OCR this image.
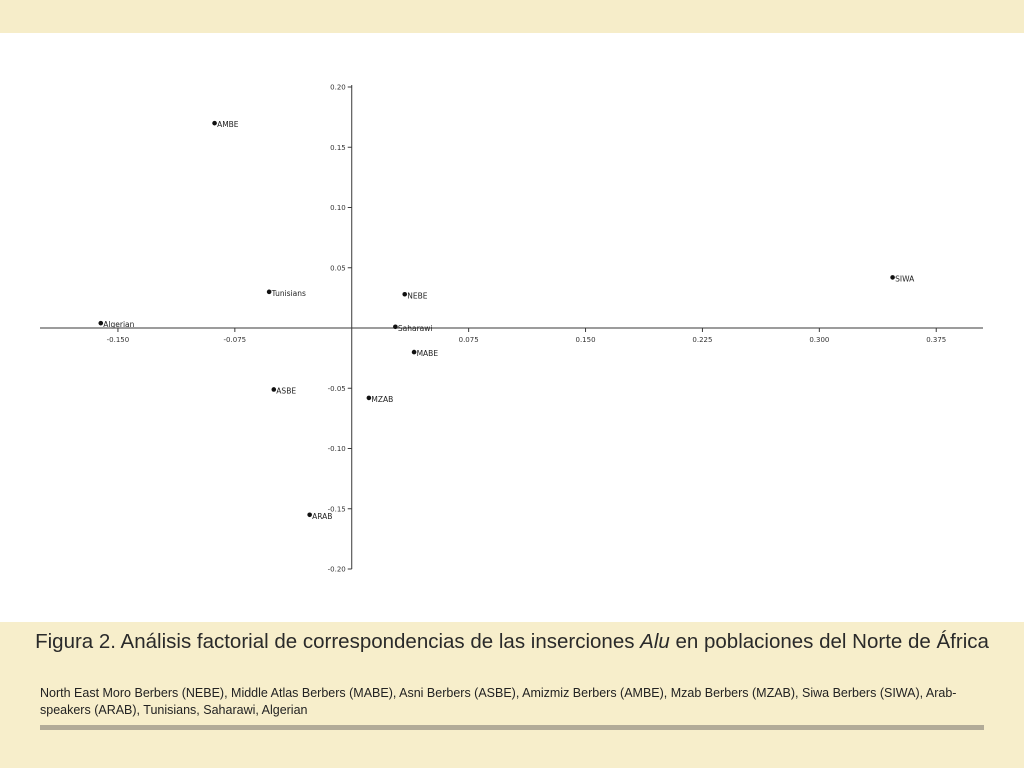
-0.150	-0.075	0.075	0.150	0.225	0.300	0.375
0.20
0.15
0.10
0.05
-0.05
-0.10
-0.15
-0.20
AMBE
Tunisians
Algerian
NEBE
Saharawi
MABE
ASBE
MZAB
ARAB
SIWA
Figura 2. Análisis factorial de correspondencias de las inserciones Alu en poblaciones del Norte de África
North East Moro Berbers (NEBE), Middle Atlas Berbers (MABE), Asni Berbers (ASBE), Amizmiz Berbers (AMBE), Mzab Berbers (MZAB), Siwa Berbers (SIWA), Arab-speakers (ARAB), Tunisians, Saharawi, Algerian
